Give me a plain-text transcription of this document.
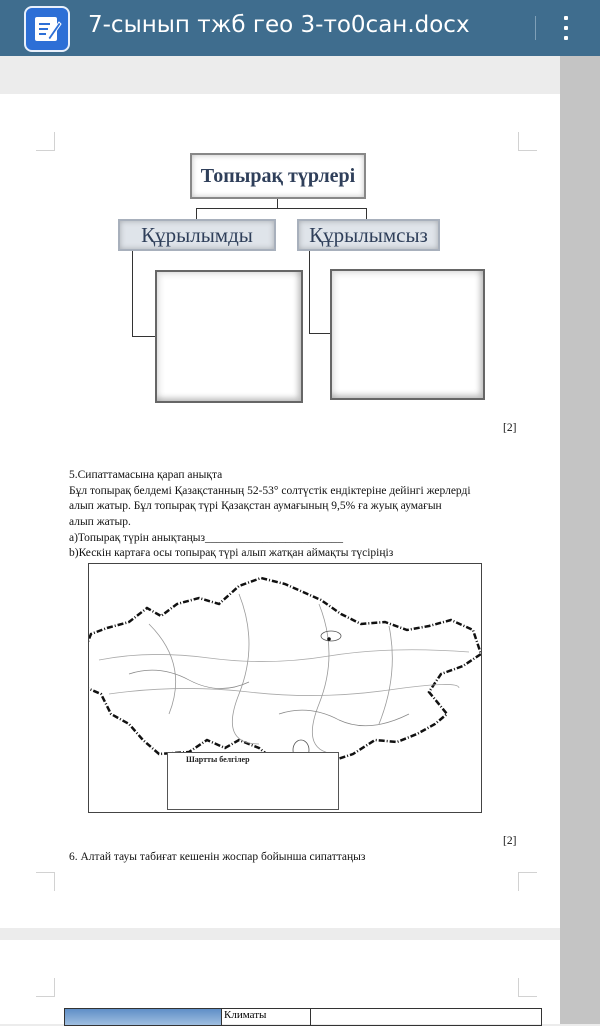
7-сынып тжб гео 3-то0сан.docx
Топырақ түрлері
Құрылымды	Құрылымсыз
[2]
5.Сипаттамасына қарап анықта
Бұл топырақ белдемі Қазақстанның 52-53° солтүстік ендіктеріне дейінгі жерлерді
алып жатыр. Бұл топырақ түрі Қазақстан аумағының 9,5% ға жуық аумағын
алып жатыр.
a)Топырақ түрін анықтаңыз________________________
b)Кескін картаға осы топырақ түрі алып жатқан аймақты түсіріңіз
Шартты белгілер
[2]
6. Алтай тауы табиғат кешенін жоспар бойынша сипаттаңыз
	Климаты	
